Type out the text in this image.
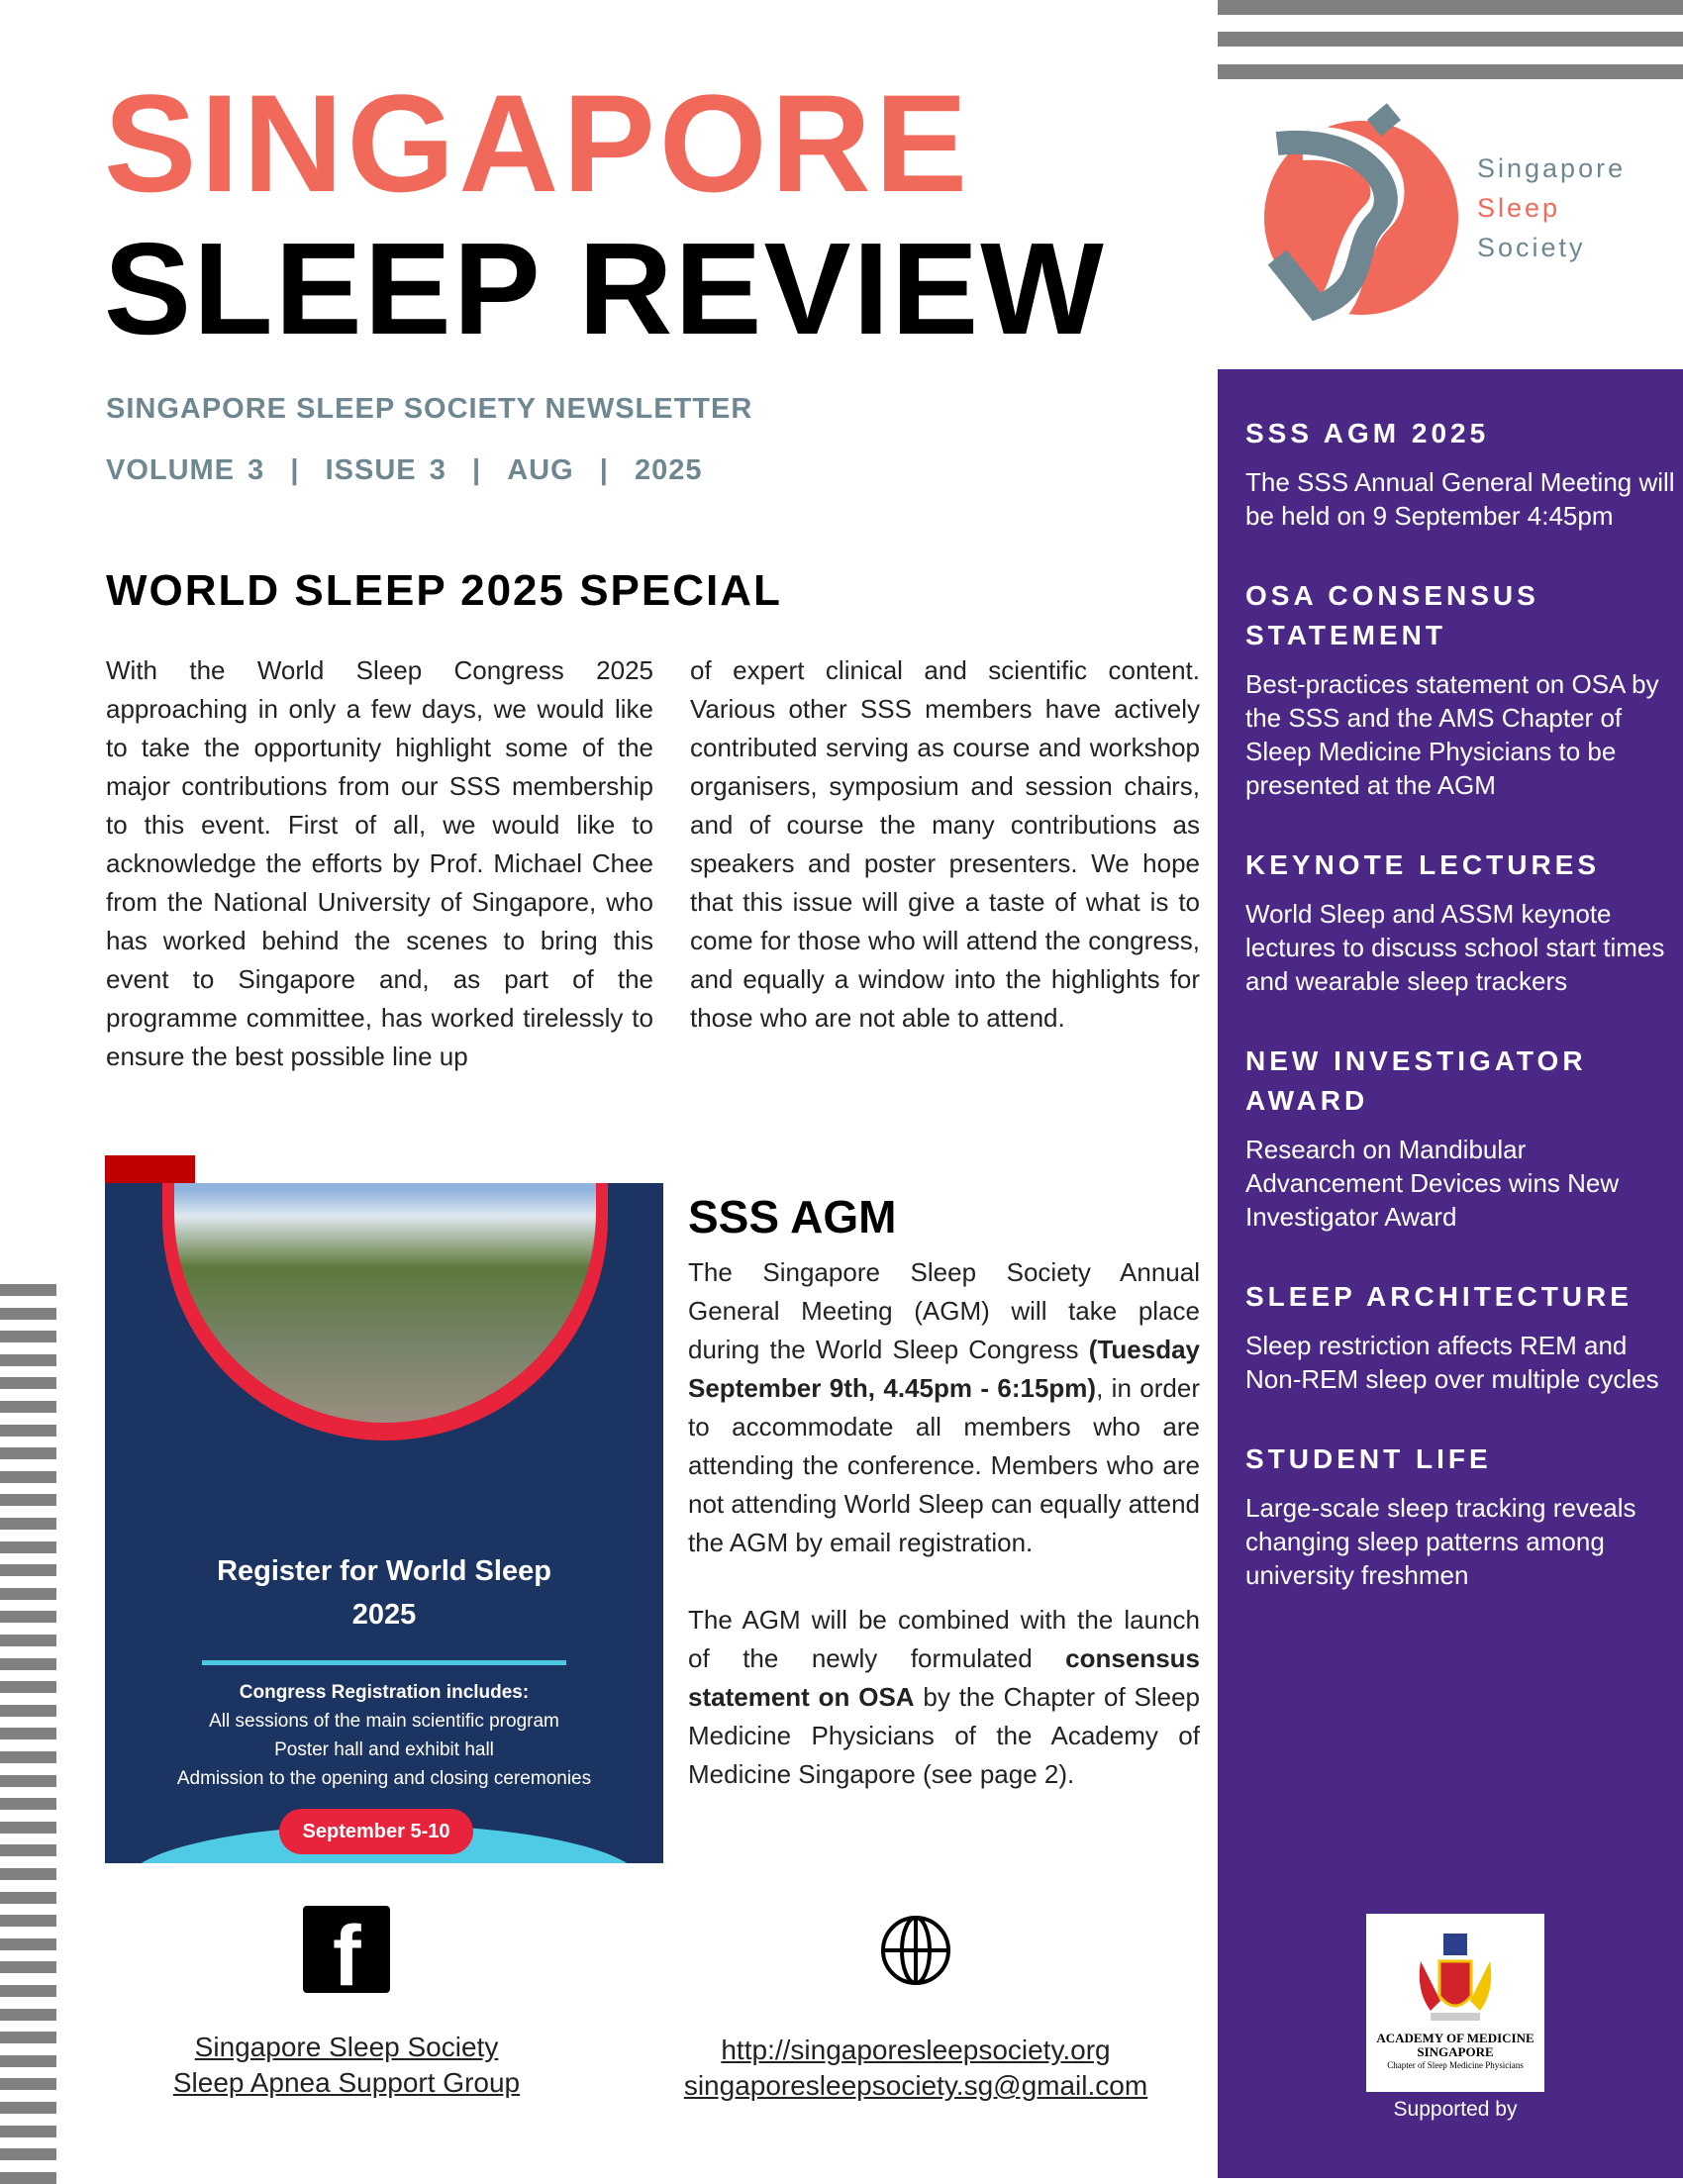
Singapore
Sleep
Society
SINGAPORE
SLEEP REVIEW
SINGAPORE SLEEP SOCIETY NEWSLETTER
VOLUME 3 | ISSUE 3 | AUG | 2025
WORLD SLEEP 2025 SPECIAL
With the World Sleep Congress 2025 approaching in only a few days, we would like to take the opportunity highlight some of the major contributions from our SSS membership to this event. First of all, we would like to acknowledge the efforts by Prof. Michael Chee from the National University of Singapore, who has worked behind the scenes to bring this event to Singapore and, as part of the programme committee, has worked tirelessly to ensure the best possible line up
of expert clinical and scientific content. Various other SSS members have actively contributed serving as course and workshop organisers, symposium and session chairs, and of course the many contributions as speakers and poster presenters. We hope that this issue will give a taste of what is to come for those who will attend the congress, and equally a window into the highlights for those who are not able to attend.
Register for World Sleep
2025
Congress Registration includes:
All sessions of the main scientific program
Poster hall and exhibit hall
Admission to the opening and closing ceremonies
September 5-10
SSS AGM
The Singapore Sleep Society Annual General Meeting (AGM) will take place during the World Sleep Congress (Tuesday September 9th, 4.45pm - 6:15pm), in order to accommodate all members who are attending the conference. Members who are not attending World Sleep can equally attend the AGM by email registration.
The AGM will be combined with the launch of the newly formulated consensus statement on OSA by the Chapter of Sleep Medicine Physicians of the Academy of Medicine Singapore (see page 2).
f
Singapore Sleep Society
Sleep Apnea Support Group
http://singaporesleepsociety.org
singaporesleepsociety.sg@gmail.com
SSS AGM 2025
The SSS Annual General Meeting will be held on 9 September 4:45pm
OSA CONSENSUS STATEMENT
Best-practices statement on OSA by the SSS and the AMS Chapter of Sleep Medicine Physicians to be presented at the AGM
KEYNOTE LECTURES
World Sleep and ASSM keynote lectures to discuss school start times and wearable sleep trackers
NEW INVESTIGATOR AWARD
Research on Mandibular Advancement Devices wins New Investigator Award
SLEEP ARCHITECTURE
Sleep restriction affects REM and Non-REM sleep over multiple cycles
STUDENT LIFE
Large-scale sleep tracking reveals changing sleep patterns among university freshmen
ACADEMY OF MEDICINE
SINGAPORE
Chapter of Sleep Medicine Physicians
Supported by
